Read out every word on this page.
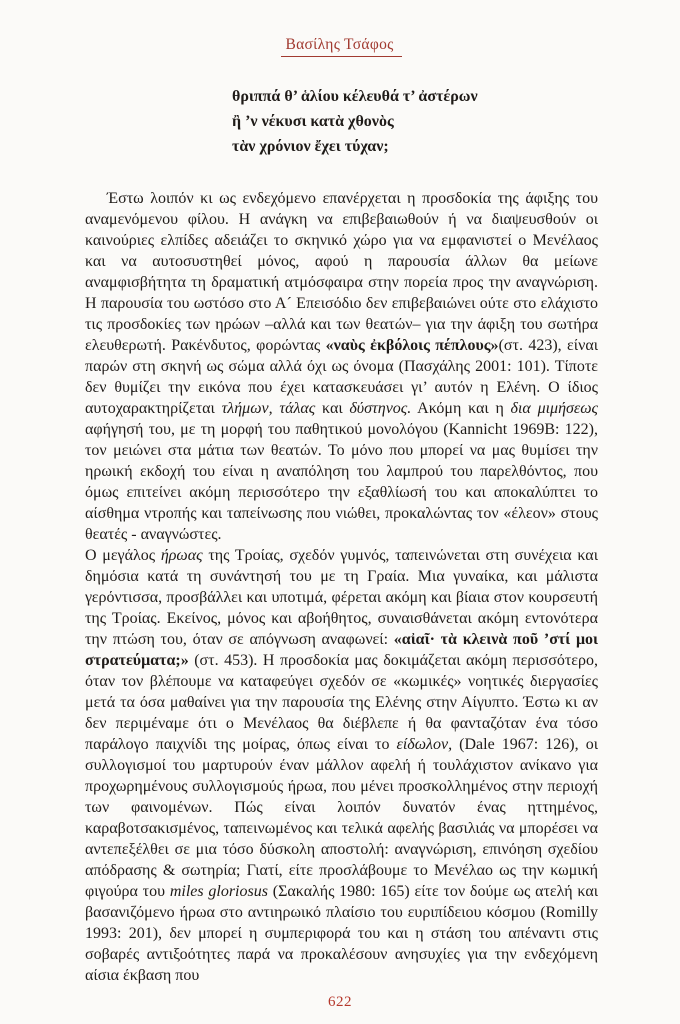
Βασίλης Τσάφος
θριππά θ’ ἁλίου κέλευθά τ’ ἀστέρων
ἢ ’ν νέκυσι κατὰ χθονὸς
τὰν χρόνιον ἔχει τύχαν;

Έστω λοιπόν κι ως ενδεχόμενο επανέρχεται η προσδοκία της άφιξης του αναμενόμενου φίλου. Η ανάγκη να επιβεβαιωθούν ή να διαψευσθούν οι καινούριες ελπίδες αδειάζει το σκηνικό χώρο για να εμφανιστεί ο Μενέλαος και να αυτοσυστηθεί μόνος, αφού η παρουσία άλλων θα μείωνε αναμφισβήτητα τη δραματική ατμόσφαιρα στην πορεία προς την αναγνώριση. Η παρουσία του ωστόσο στο Α´ Επεισόδιο δεν επιβεβαιώνει ούτε στο ελάχιστο τις προσδοκίες των ηρώων –αλλά και των θεατών– για την άφιξη του σωτήρα ελευθερωτή. Ρακένδυτος, φορώντας «ναὺς ἐκβόλοις πέπλους»(στ. 423), είναι παρών στη σκηνή ως σώμα αλλά όχι ως όνομα (Πασχάλης 2001: 101). Τίποτε δεν θυμίζει την εικόνα που έχει κατασκευάσει γι’ αυτόν η Ελένη. Ο ίδιος αυτοχαρακτηρίζεται τλήμων, τάλας και δύστηνος. Ακόμη και η δια μιμήσεως αφήγησή του, με τη μορφή του παθητικού μονολόγου (Kannicht 1969B: 122), τον μειώνει στα μάτια των θεατών. Το μόνο που μπορεί να μας θυμίσει την ηρωική εκδοχή του είναι η αναπόληση του λαμπρού του παρελθόντος, που όμως επιτείνει ακόμη περισσότερο την εξαθλίωσή του και αποκαλύπτει το αίσθημα ντροπής και ταπείνωσης που νιώθει, προκαλώντας τον «έλεον» στους θεατές - αναγνώστες.

Ο μεγάλος ήρωας της Τροίας, σχεδόν γυμνός, ταπεινώνεται στη συνέχεια και δημόσια κατά τη συνάντησή του με τη Γραία. Μια γυναίκα, και μάλιστα γερόντισσα, προσβάλλει και υποτιμά, φέρεται ακόμη και βίαια στον κουρσευτή της Τροίας. Εκείνος, μόνος και αβοήθητος, συναισθάνεται ακόμη εντονότερα την πτώση του, όταν σε απόγνωση αναφωνεί: «αἰαῖ· τὰ κλεινὰ ποῦ ’στί μοι στρατεύματα;» (στ. 453). Η προσδοκία μας δοκιμάζεται ακόμη περισσότερο, όταν τον βλέπουμε να καταφεύγει σχεδόν σε «κωμικές» νοητικές διεργασίες μετά τα όσα μαθαίνει για την παρουσία της Ελένης στην Αίγυπτο. Έστω κι αν δεν περιμέναμε ότι ο Μενέλαος θα διέβλεπε ή θα φανταζόταν ένα τόσο παράλογο παιχνίδι της μοίρας, όπως είναι το είδωλον, (Dale 1967: 126), οι συλλογισμοί του μαρτυρούν έναν μάλλον αφελή ή τουλάχιστον ανίκανο για προχωρημένους συλλογισμούς ήρωα, που μένει προσκολλημένος στην περιοχή των φαινομένων. Πώς είναι λοιπόν δυνατόν ένας ηττημένος, καραβοτσακισμένος, ταπεινωμένος και τελικά αφελής βασιλιάς να μπορέσει να αντεπεξέλθει σε μια τόσο δύσκολη αποστολή: αναγνώριση, επινόηση σχεδίου απόδρασης & σωτηρία; Γιατί, είτε προσλάβουμε το Μενέλαο ως την κωμική φιγούρα του miles gloriosus (Σακαλής 1980: 165) είτε τον δούμε ως ατελή και βασανιζόμενο ήρωα στο αντιηρωικό πλαίσιο του ευριπίδειου κόσμου (Romilly 1993: 201), δεν μπορεί η συμπεριφορά του και η στάση του απέναντι στις σοβαρές αντιξοότητες παρά να προκαλέσουν ανησυχίες για την ενδεχόμενη αίσια έκβαση που

622
